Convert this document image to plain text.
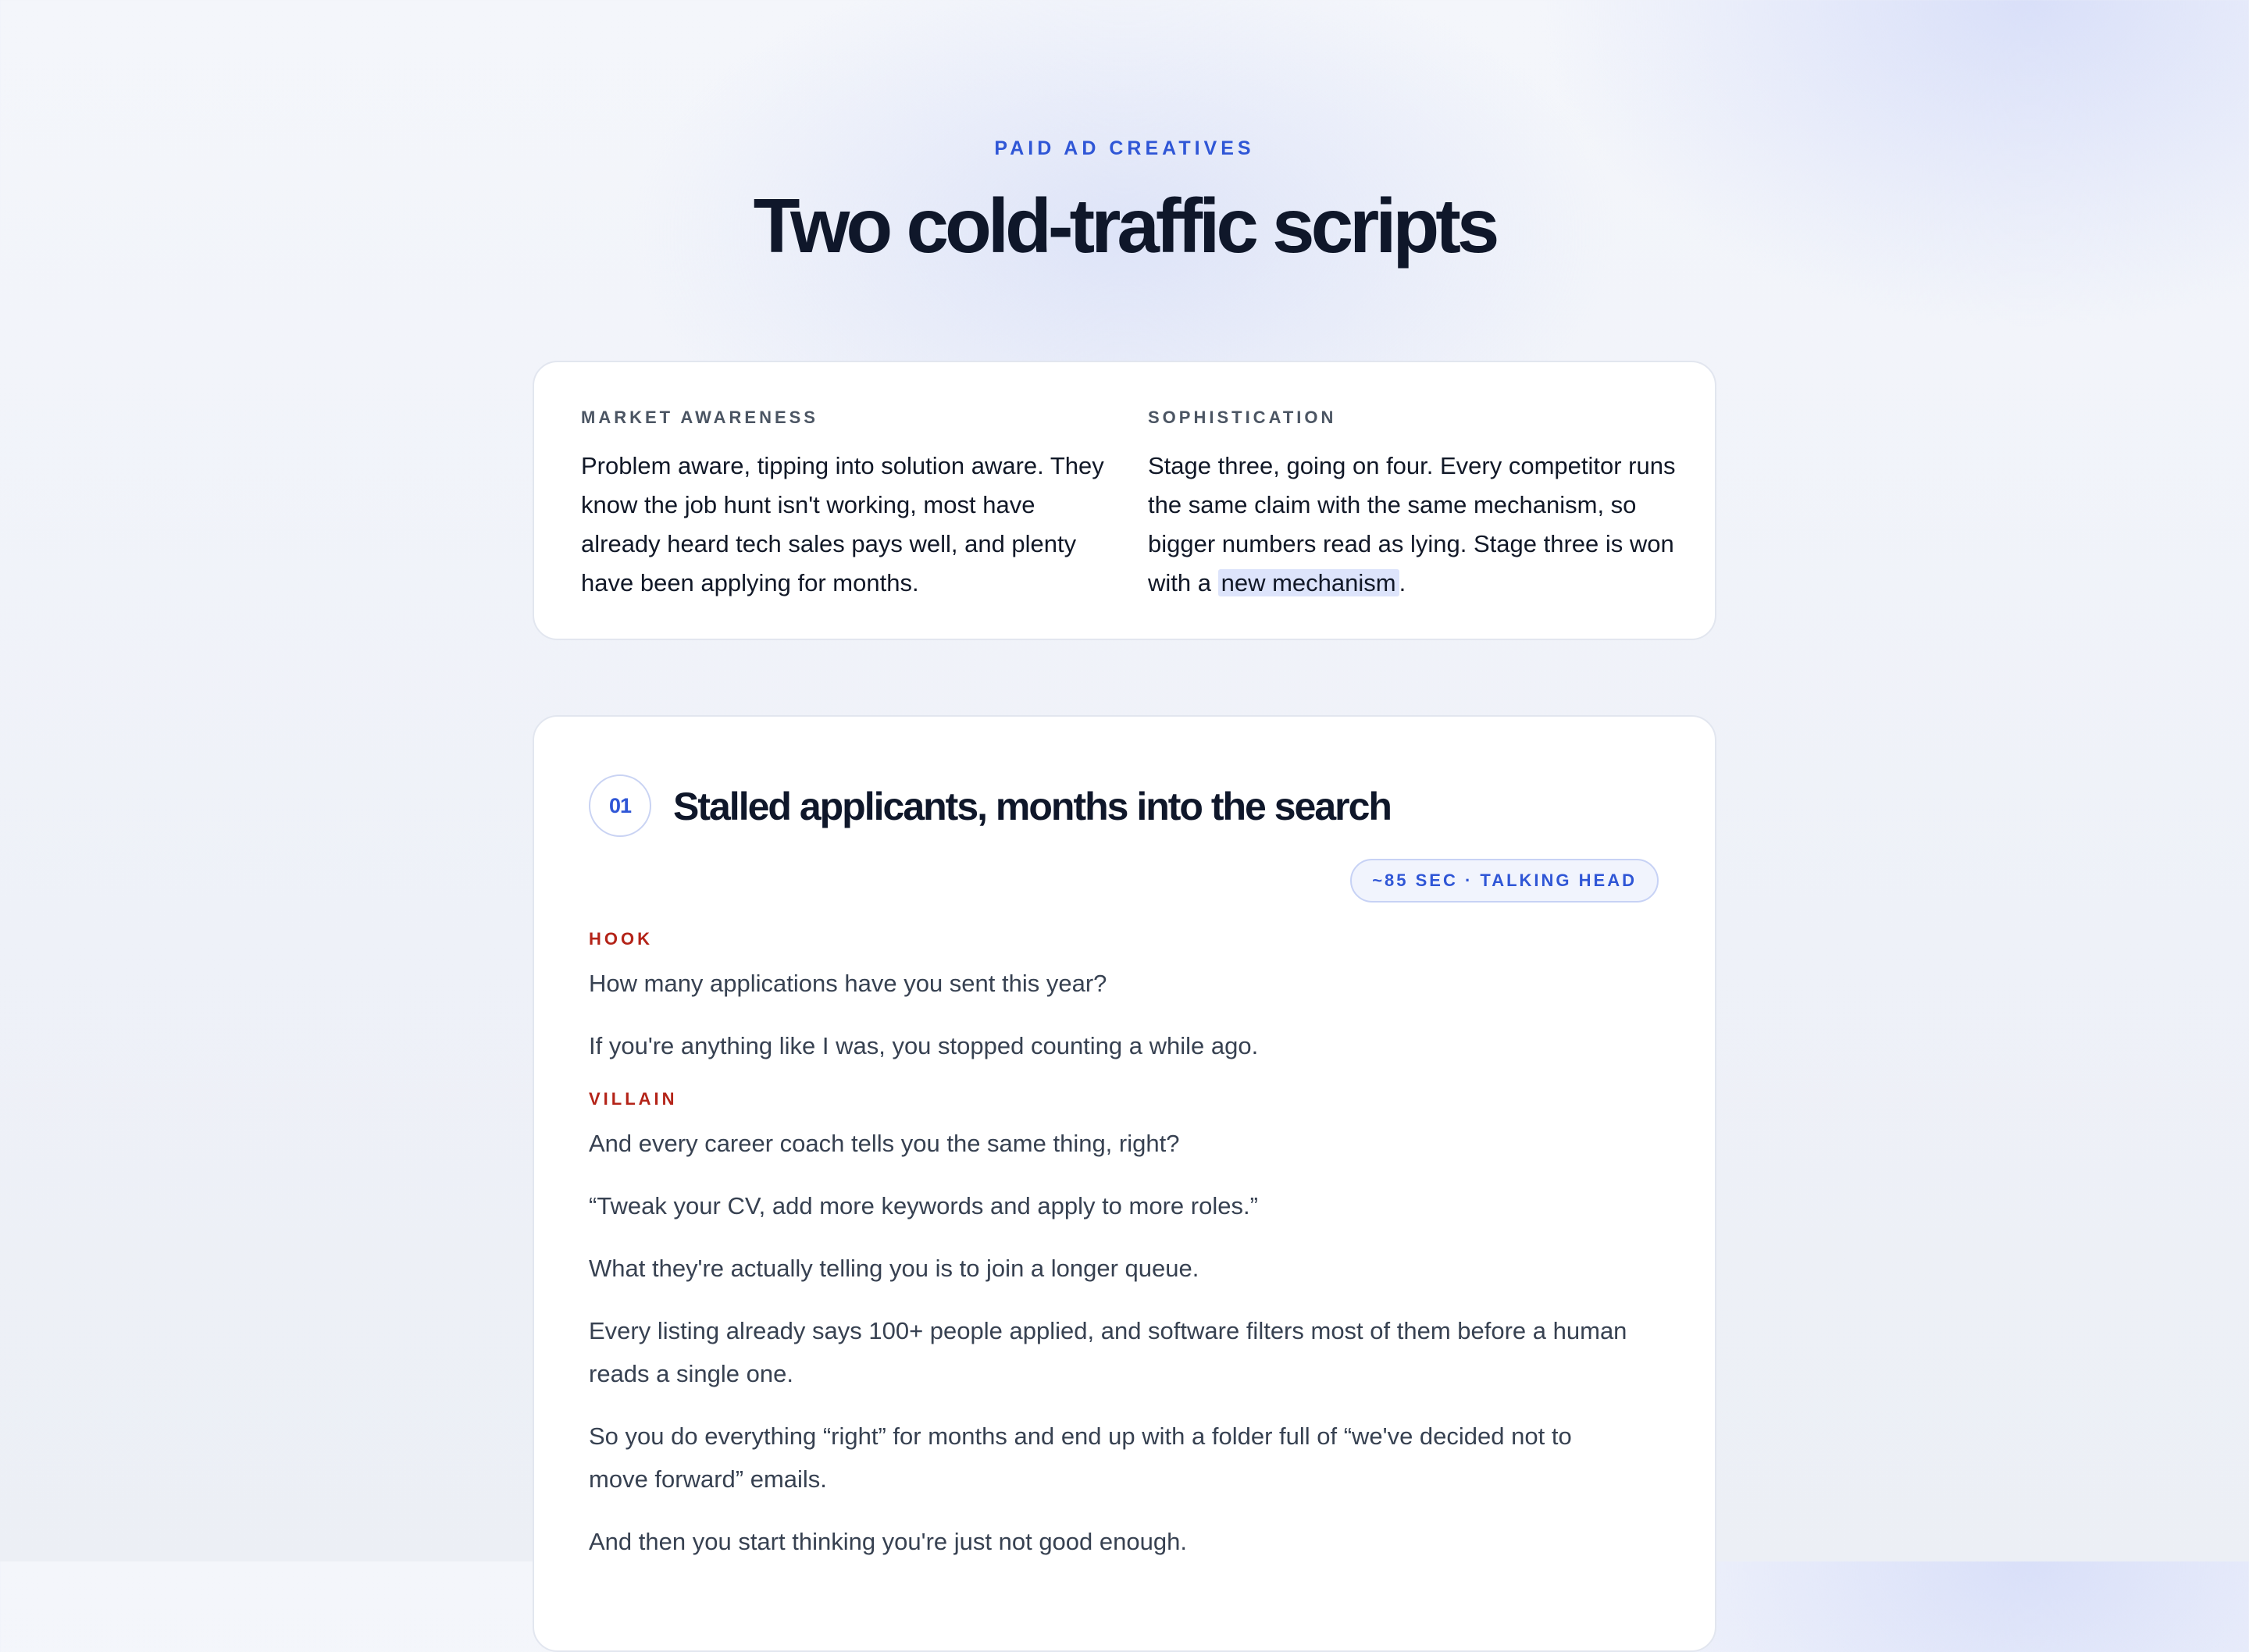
PAID AD CREATIVES
Two cold-traffic scripts
MARKET AWARENESS
Problem aware, tipping into solution aware. They know the job hunt isn't working, most have already heard tech sales pays well, and plenty have been applying for months.
SOPHISTICATION
Stage three, going on four. Every competitor runs the same claim with the same mechanism, so bigger numbers read as lying. Stage three is won with a new mechanism .
01	Stalled applicants, months into the search
~85 SEC · TALKING HEAD
HOOK

How many applications have you sent this year?

If you're anything like I was, you stopped counting a while ago.

VILLAIN

And every career coach tells you the same thing, right?

“Tweak your CV, add more keywords and apply to more roles.”

What they're actually telling you is to join a longer queue.

Every listing already says 100+ people applied, and software filters most of them before a human reads a single one.

So you do everything “right” for months and end up with a folder full of “we've decided not to move forward” emails.

And then you start thinking you're just not good enough.
